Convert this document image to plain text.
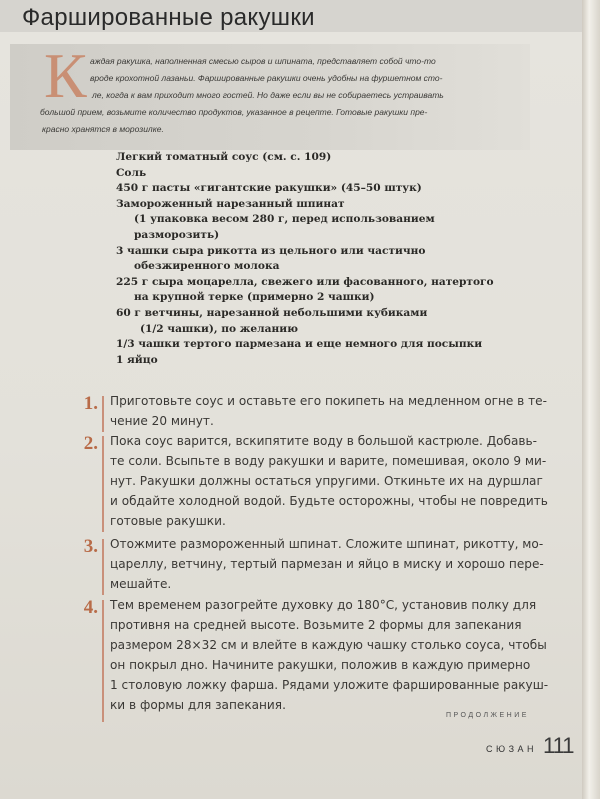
Фаршированные ракушки
К аждая ракушка, наполненная смесью сыров и шпината, представляет собой что-то
вроде крохотной лазаньи. Фаршированные ракушки очень удобны на фуршетном сто-
ле, когда к вам приходит много гостей. Но даже если вы не собираетесь устраивать
большой прием, возьмите количество продуктов, указанное в рецепте. Готовые ракушки пре-
красно хранятся в морозилке.
Легкий томатный соус (см. с. 109)
Соль
450 г пасты «гигантские ракушки» (45–50 штук)
Замороженный нарезанный шпинат
(1 упаковка весом 280 г, перед использованием
разморозить)
3 чашки сыра рикотта из цельного или частично
обезжиренного молока
225 г сыра моцарелла, свежего или фасованного, натертого
на крупной терке (примерно 2 чашки)
60 г ветчины, нарезанной небольшими кубиками
(1/2 чашки), по желанию
1/3 чашки тертого пармезана и еще немного для посыпки
1 яйцо
1. Приготовьте соус и оставьте его покипеть на медленном огне в те-
чение 20 минут.
2. Пока соус варится, вскипятите воду в большой кастрюле. Добавь-
те соли. Всыпьте в воду ракушки и варите, помешивая, около 9 ми-
нут. Ракушки должны остаться упругими. Откиньте их на дуршлаг
и обдайте холодной водой. Будьте осторожны, чтобы не повредить
готовые ракушки.
3. Отожмите размороженный шпинат. Сложите шпинат, рикотту, мо-
цареллу, ветчину, тертый пармезан и яйцо в миску и хорошо пере-
мешайте.
4. Тем временем разогрейте духовку до 180°С, установив полку для
противня на средней высоте. Возьмите 2 формы для запекания
размером 28×32 см и влейте в каждую чашку столько соуса, чтобы
он покрыл дно. Начините ракушки, положив в каждую примерно
1 столовую ложку фарша. Рядами уложите фаршированные ракуш-
ки в формы для запекания.
ПРОДОЛЖЕНИЕ
СЮЗАН 111
